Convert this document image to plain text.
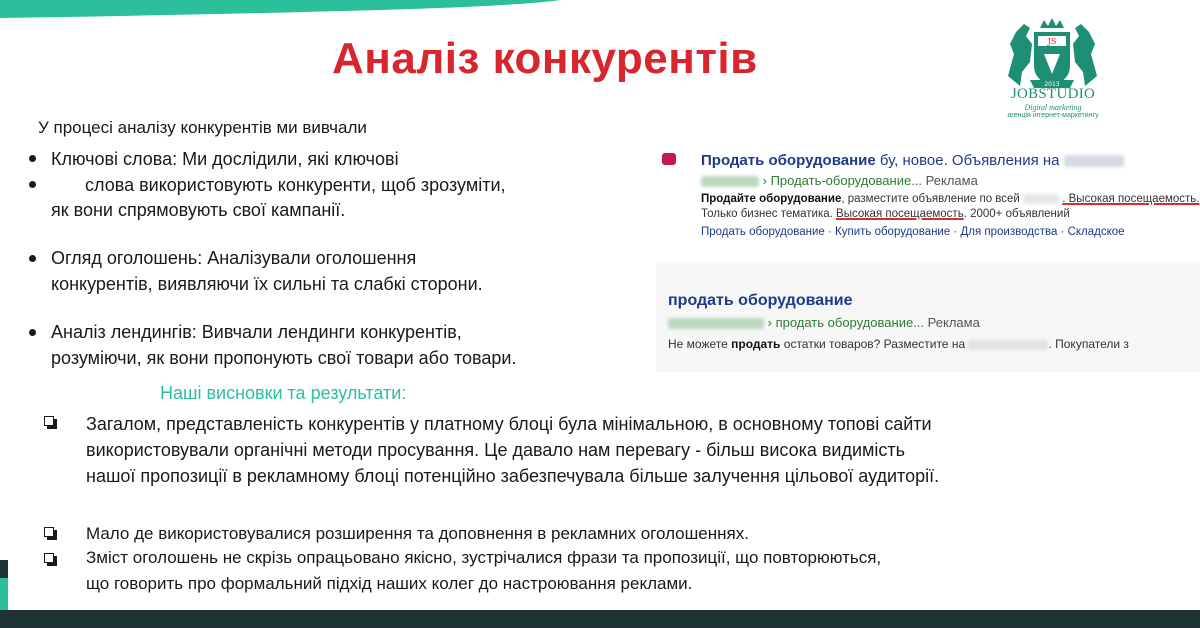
Аналіз конкурентів	JS
2013
JOBSTUDIO
Digital marketing
агенція інтернет-маркетингу
У процесі аналізу конкурентів ми вивчали
Ключові слова: Ми дослідили, які ключові
слова використовують конкуренти, щоб зрозуміти,
як вони спрямовують свої кампанії.
Огляд оголошень: Аналізували оголошення
конкурентів, виявляючи їх сильні та слабкі сторони.
Аналіз лендингів: Вивчали лендинги конкурентів,
розуміючи, як вони пропонують свої товари або товари.
Наші висновки та результати:
Загалом, представленість конкурентів у платному блоці була мінімальною, в основному топові сайти
використовували органічні методи просування. Це давало нам перевагу - більш висока видимість
нашої пропозиції в рекламному блоці потенційно забезпечувала більше залучення цільової аудиторії.
Мало де використовувалися розширення та доповнення в рекламних оголошеннях.
Зміст оголошень не скрізь опрацьовано якісно, зустрічалися фрази та пропозиції, що повторюються,
що говорить про формальний підхід наших колег до настроювання реклами.
Продать оборудование бу, новое. Объявления на
› Продать-оборудование... Реклама
Продайте оборудование, разместите объявление по всей	. Высокая посещаемость.
Только бизнес тематика. Высокая посещаемость. 2000+ объявлений
Продать оборудование · Купить оборудование · Для производства · Складское
продать оборудование
› продать оборудование... Реклама
Не можете продать остатки товаров? Разместите на	. Покупатели з
